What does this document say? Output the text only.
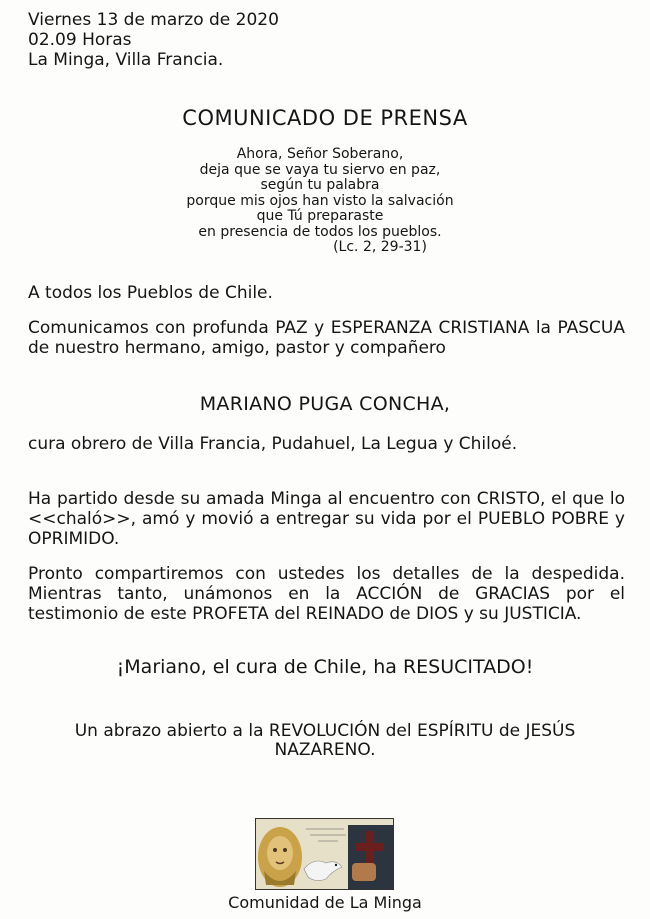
Viernes 13 de marzo de 2020
02.09 Horas
La Minga, Villa Francia.
COMUNICADO DE PRENSA
Ahora, Señor Soberano,
deja que se vaya tu siervo en paz,
según tu palabra
porque mis ojos han visto la salvación
que Tú preparaste
en presencia de todos los pueblos.
(Lc. 2, 29-31)
A todos los Pueblos de Chile.
Comunicamos con profunda PAZ y ESPERANZA CRISTIANA la PASCUA de nuestro hermano, amigo, pastor y compañero
MARIANO PUGA CONCHA,
cura obrero de Villa Francia, Pudahuel, La Legua y Chiloé.
Ha partido desde su amada Minga al encuentro con CRISTO, el que lo <<chaló>>, amó y movió a entregar su vida por el PUEBLO POBRE y OPRIMIDO.
Pronto compartiremos con ustedes los detalles de la despedida. Mientras tanto, unámonos en la ACCIÓN de GRACIAS por el testimonio de este PROFETA del REINADO de DIOS y su JUSTICIA.
¡Mariano, el cura de Chile, ha RESUCITADO!
Un abrazo abierto a la REVOLUCIÓN del ESPÍRITU de JESÚS NAZARENO.
Comunidad de La Minga
